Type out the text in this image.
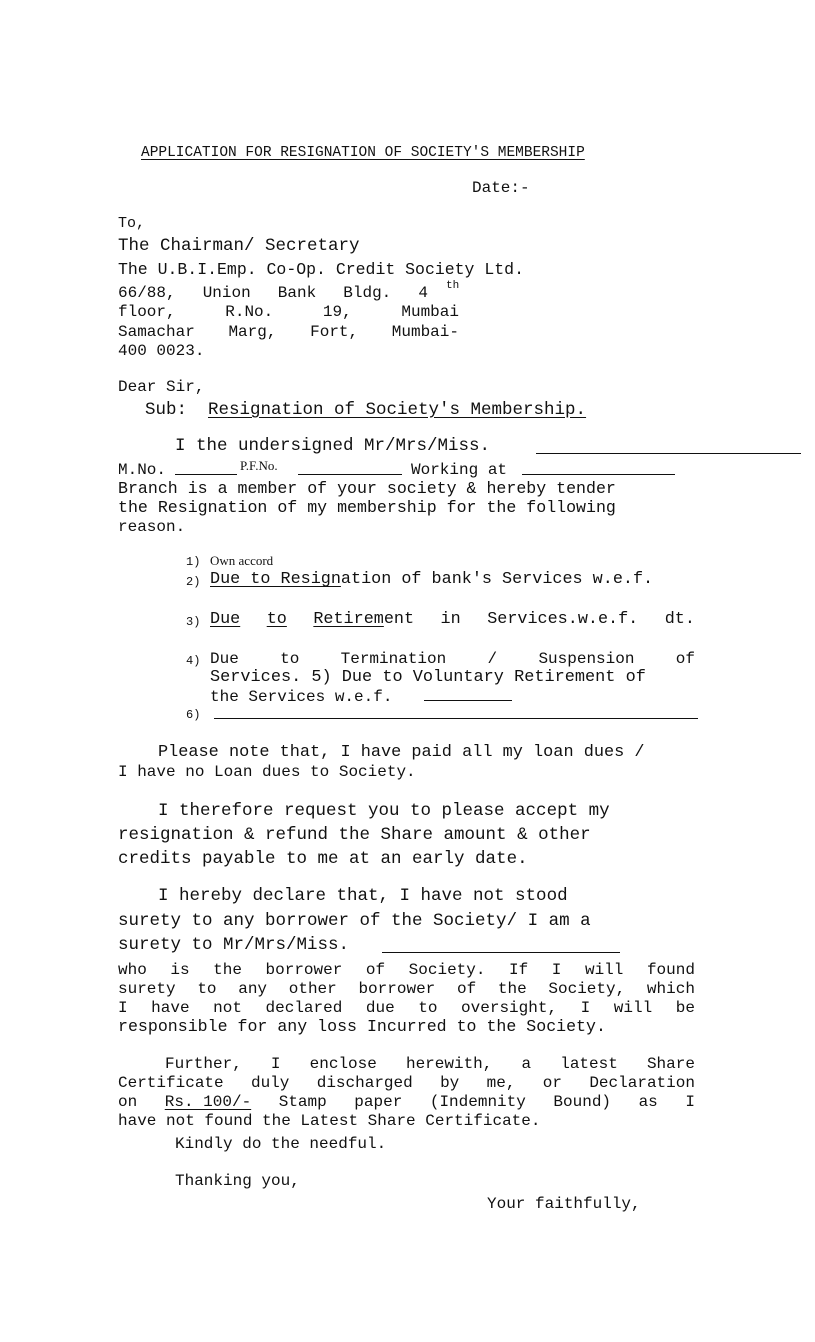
APPLICATION FOR RESIGNATION OF SOCIETY'S MEMBERSHIP
Date:-
To,
The Chairman/ Secretary
The U.B.I.Emp. Co-Op. Credit Society Ltd.
66/88, Union Bank Bldg. 4 th
floor,	R.No.	19,	Mumbai
Samachar Marg, Fort, Mumbai-
400 0023.
Dear Sir,
Sub: Resignation of Society's Membership.
I the undersigned Mr/Mrs/Miss.
M.No.	P.F.No.	Working at
Branch is a member of your society & hereby tender
the Resignation of my membership for the following
reason.
1) Own accord
2) Due to Resignation of bank's Services w.e.f.
3) Due to Retirement in Services.w.e.f. dt.
4) Due	to	Termination	/	Suspension	of
Services. 5) Due to Voluntary Retirement of
the Services w.e.f.
6)
Please note that, I have paid all my loan dues /
I have no Loan dues to Society.
I therefore request you to please accept my
resignation & refund the Share amount & other
credits payable to me at an early date.
I hereby declare that, I have not stood
surety to any borrower of the Society/ I am a
surety to Mr/Mrs/Miss.
who is the borrower of Society. If I will found
surety to any other borrower of the Society, which
I have not declared due to oversight, I will be
responsible for any loss Incurred to the Society.
Further, I enclose herewith, a latest Share
Certificate duly discharged by me, or Declaration
on Rs. 100/- Stamp paper (Indemnity Bound) as I
have not found the Latest Share Certificate.
Kindly do the needful.
Thanking you,
Your faithfully,
